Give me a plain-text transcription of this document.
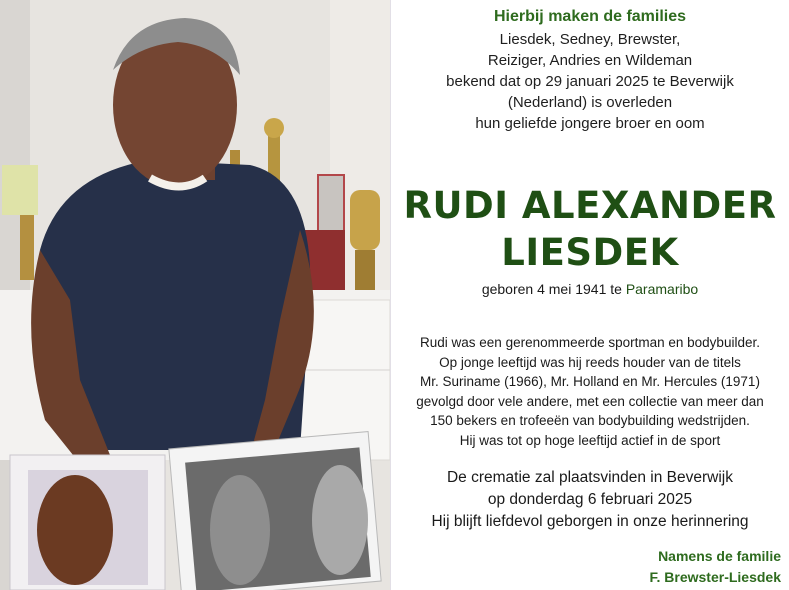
Hierbij maken de families
Liesdek, Sedney, Brewster,
Reiziger, Andries en Wildeman
bekend dat op 29 januari 2025 te Beverwijk
(Nederland) is overleden
hun geliefde jongere broer en oom
RUDI ALEXANDER
LIESDEK
geboren 4 mei 1941 te Paramaribo
Rudi was een gerenommeerde sportman en bodybuilder.
Op jonge leeftijd was hij reeds houder van de titels
Mr. Suriname (1966), Mr. Holland en Mr. Hercules (1971)
gevolgd door vele andere, met een collectie van meer dan
150 bekers en trofeeën van bodybuilding wedstrijden.
Hij was tot op hoge leeftijd actief in de sport
De crematie zal plaatsvinden in Beverwijk
op donderdag 6 februari 2025
Hij blijft liefdevol geborgen in onze herinnering
Namens de familie
F. Brewster-Liesdek
